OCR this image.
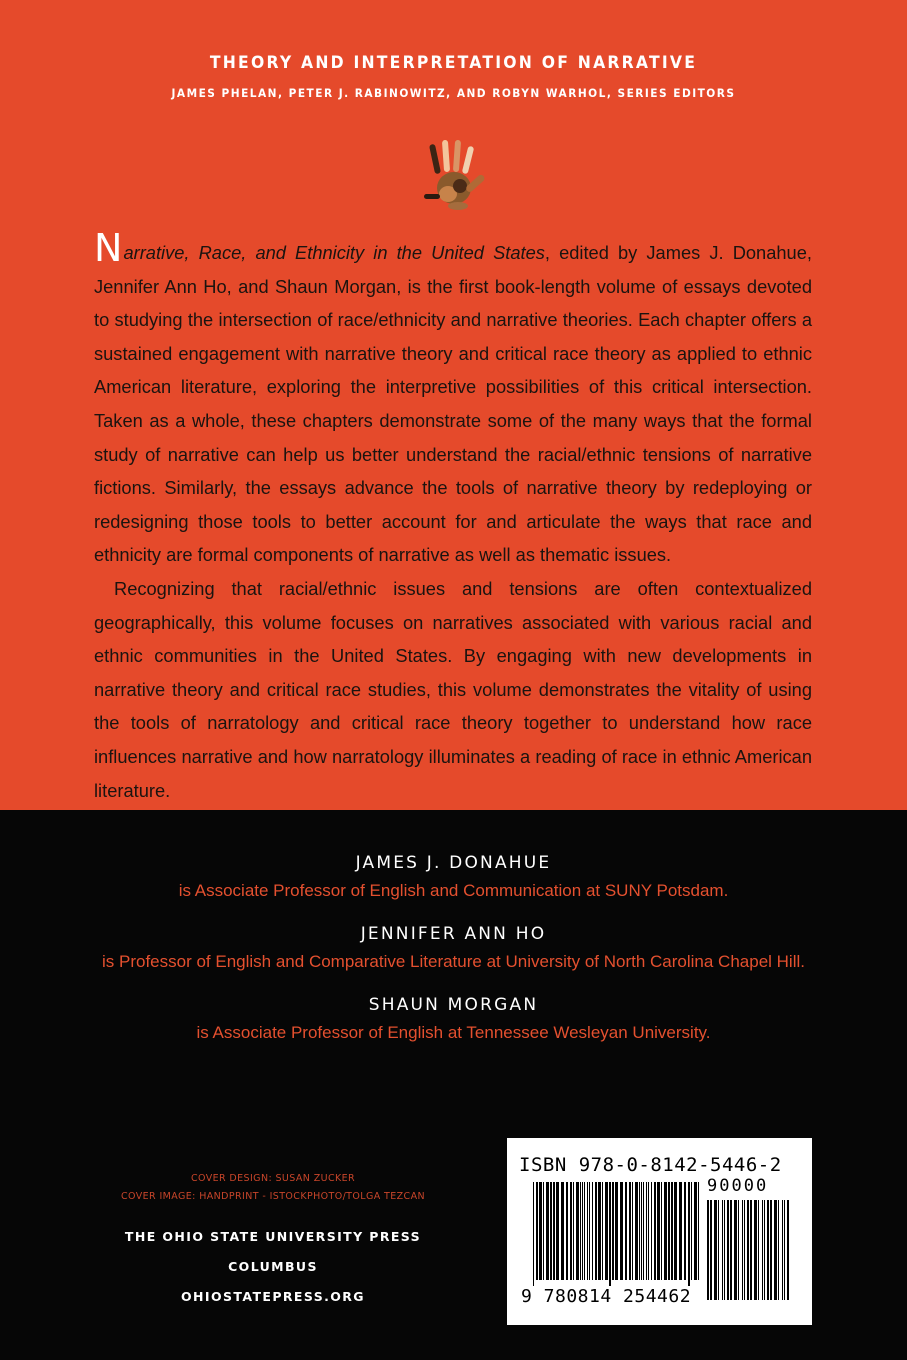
THEORY AND INTERPRETATION OF NARRATIVE
JAMES PHELAN, PETER J. RABINOWITZ, AND ROBYN WARHOL, SERIES EDITORS

Narrative, Race, and Ethnicity in the United States, edited by James J. Donahue, Jennifer Ann Ho, and Shaun Morgan, is the first book-length volume of essays devoted to studying the intersection of race/ethnicity and narrative theories. Each chapter offers a sustained engagement with narrative theory and critical race theory as applied to ethnic American literature, exploring the interpretive possibilities of this critical intersection. Taken as a whole, these chapters demonstrate some of the many ways that the formal study of narrative can help us better understand the racial/ethnic tensions of narrative fictions. Similarly, the essays advance the tools of narrative theory by redeploying or redesigning those tools to better account for and articulate the ways that race and ethnicity are formal components of narrative as well as thematic issues.

Recognizing that racial/ethnic issues and tensions are often contextualized geographically, this volume focuses on narratives associated with various racial and ethnic communities in the United States. By engaging with new developments in narrative theory and critical race studies, this volume demonstrates the vitality of using the tools of narratology and critical race theory together to understand how race influences narrative and how narratology illuminates a reading of race in ethnic American literature.

JAMES J. DONAHUE
is Associate Professor of English and Communication at SUNY Potsdam.
JENNIFER ANN HO
is Professor of English and Comparative Literature at University of North Carolina Chapel Hill.
SHAUN MORGAN
is Associate Professor of English at Tennessee Wesleyan University.
COVER DESIGN: SUSAN ZUCKER
COVER IMAGE: HANDPRINT - ISTOCKPHOTO/TOLGA TEZCAN
THE OHIO STATE UNIVERSITY PRESS
COLUMBUS
OHIOSTATEPRESS.ORG
ISBN 978-0-8142-5446-2
90000
9 780814 254462
